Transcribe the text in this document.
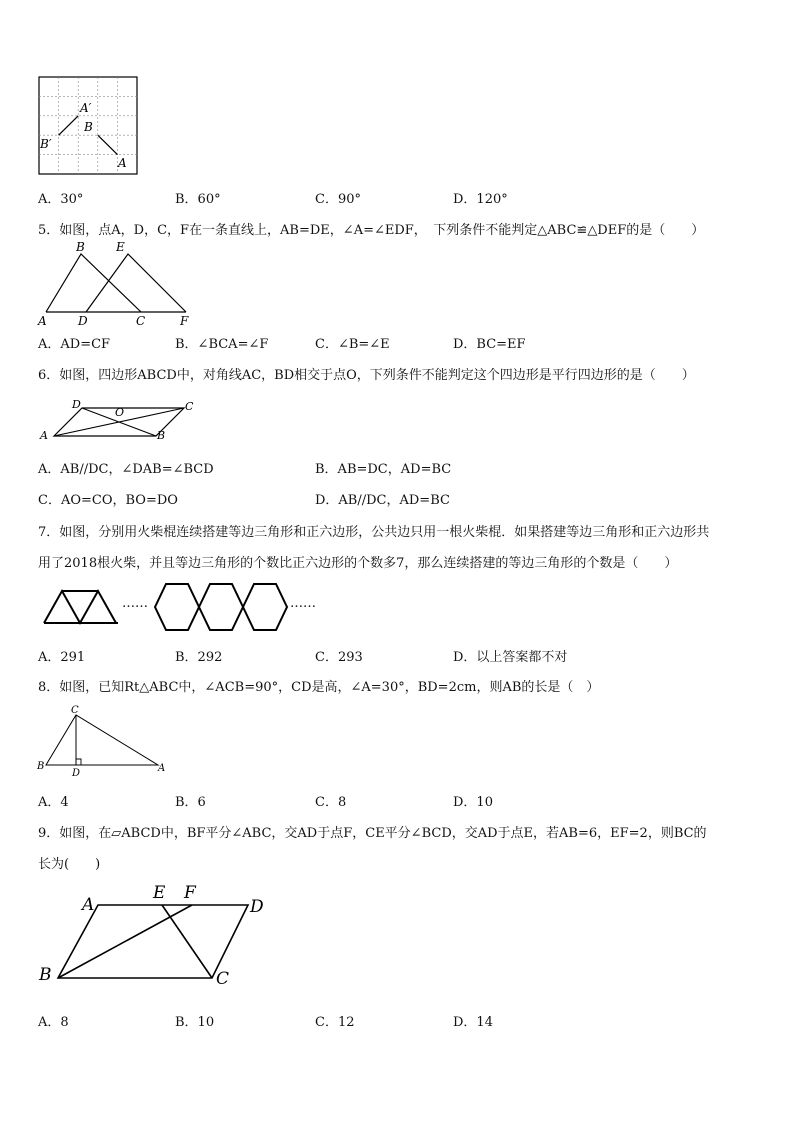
A′
B
B′
A
A．30°	B．60°	C．90°	D．120°
5．如图，点A，D，C，F在一条直线上，AB=DE，∠A=∠EDF，　下列条件不能判定△ABC≌△DEF的是（　　）
B	E
A	D	C	F
A．AD=CF	B．∠BCA=∠F	C．∠B=∠E	D．BC=EF
6．如图，四边形ABCD中，对角线AC，BD相交于点O，下列条件不能判定这个四边形是平行四边形的是（　　）
D
O	C
A	B
A．AB//DC，∠DAB=∠BCD	B．AB=DC，AD=BC
C．AO=CO，BO=DO	D．AB//DC，AD=BC
7．如图，分别用火柴棍连续搭建等边三角形和正六边形，公共边只用一根火柴棍．如果搭建等边三角形和正六边形共
用了2018根火柴，并且等边三角形的个数比正六边形的个数多7，那么连续搭建的等边三角形的个数是（　　）
……	……
A．291	B．292	C．293	D．以上答案都不对
8．如图，已知Rt△ABC中，∠ACB=90°，CD是高，∠A=30°，BD=2cm，则AB的长是（　）
C
B
D	A
A．4	B．6	C．8	D．10
9．如图，在▱ABCD中，BF平分∠ABC，交AD于点F，CE平分∠BCD，交AD于点E，若AB=6，EF=2，则BC的
长为(　　)
A
E F
D
B	C
A．8	B．10	C．12	D．14
